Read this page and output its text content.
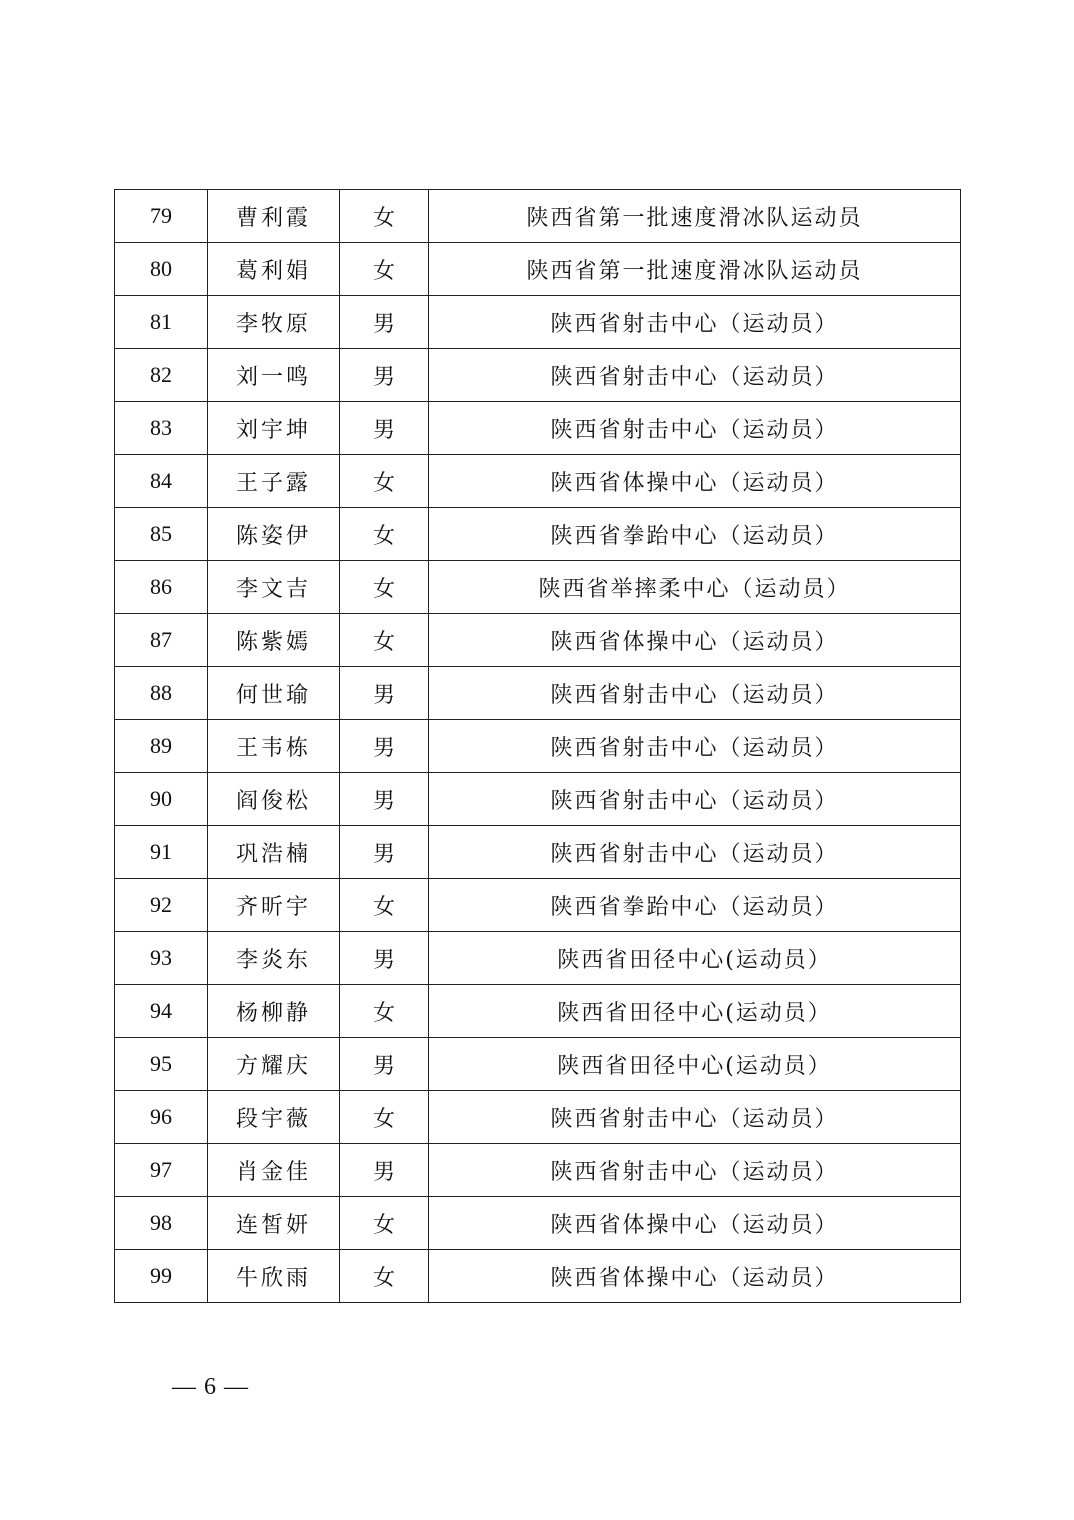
79	曹利霞	女	陕西省第一批速度滑冰队运动员
80	葛利娟	女	陕西省第一批速度滑冰队运动员
81	李牧原	男	陕西省射击中心（运动员）
82	刘一鸣	男	陕西省射击中心（运动员）
83	刘宇坤	男	陕西省射击中心（运动员）
84	王子露	女	陕西省体操中心（运动员）
85	陈姿伊	女	陕西省拳跆中心（运动员）
86	李文吉	女	陕西省举摔柔中心（运动员）
87	陈紫嫣	女	陕西省体操中心（运动员）
88	何世瑜	男	陕西省射击中心（运动员）
89	王韦栋	男	陕西省射击中心（运动员）
90	阎俊松	男	陕西省射击中心（运动员）
91	巩浩楠	男	陕西省射击中心（运动员）
92	齐昕宇	女	陕西省拳跆中心（运动员）
93	李炎东	男	陕西省田径中心(运动员）
94	杨柳静	女	陕西省田径中心(运动员）
95	方耀庆	男	陕西省田径中心(运动员）
96	段宇薇	女	陕西省射击中心（运动员）
97	肖金佳	男	陕西省射击中心（运动员）
98	连皙妍	女	陕西省体操中心（运动员）
99	牛欣雨	女	陕西省体操中心（运动员）
— 6 —
